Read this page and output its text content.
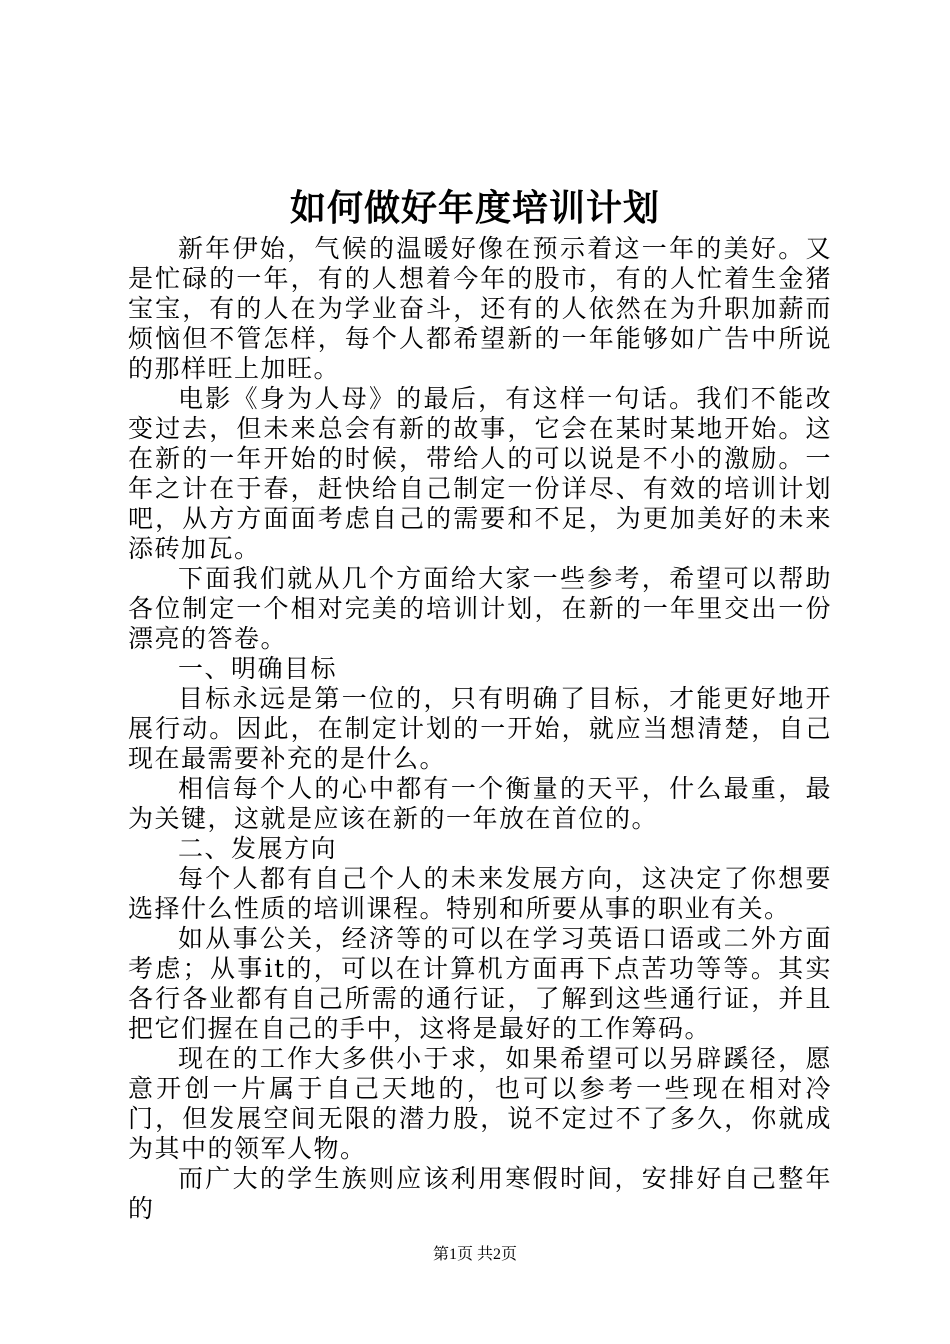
如何做好年度培训计划

新年伊始，气候的温暖好像在预示着这一年的美好。又是忙碌的一年，有的人想着今年的股市，有的人忙着生金猪宝宝，有的人在为学业奋斗，还有的人依然在为升职加薪而烦恼但不管怎样，每个人都希望新的一年能够如广告中所说的那样旺上加旺。

电影《身为人母》的最后，有这样一句话。我们不能改变过去，但未来总会有新的故事，它会在某时某地开始。这在新的一年开始的时候，带给人的可以说是不小的激励。一年之计在于春，赶快给自己制定一份详尽、有效的培训计划吧，从方方面面考虑自己的需要和不足，为更加美好的未来添砖加瓦。

下面我们就从几个方面给大家一些参考，希望可以帮助各位制定一个相对完美的培训计划，在新的一年里交出一份漂亮的答卷。

一、明确目标

目标永远是第一位的，只有明确了目标，才能更好地开展行动。因此，在制定计划的一开始，就应当想清楚，自己现在最需要补充的是什么。

相信每个人的心中都有一个衡量的天平，什么最重，最为关键，这就是应该在新的一年放在首位的。

二、发展方向

每个人都有自己个人的未来发展方向，这决定了你想要选择什么性质的培训课程。特别和所要从事的职业有关。

如从事公关，经济等的可以在学习英语口语或二外方面考虑；从事it的，可以在计算机方面再下点苦功等等。其实各行各业都有自己所需的通行证，了解到这些通行证，并且把它们握在自己的手中，这将是最好的工作筹码。

现在的工作大多供小于求，如果希望可以另辟蹊径，愿意开创一片属于自己天地的，也可以参考一些现在相对冷门，但发展空间无限的潜力股，说不定过不了多久，你就成为其中的领军人物。

而广大的学生族则应该利用寒假时间，安排好自己整年的

第1页 共2页
